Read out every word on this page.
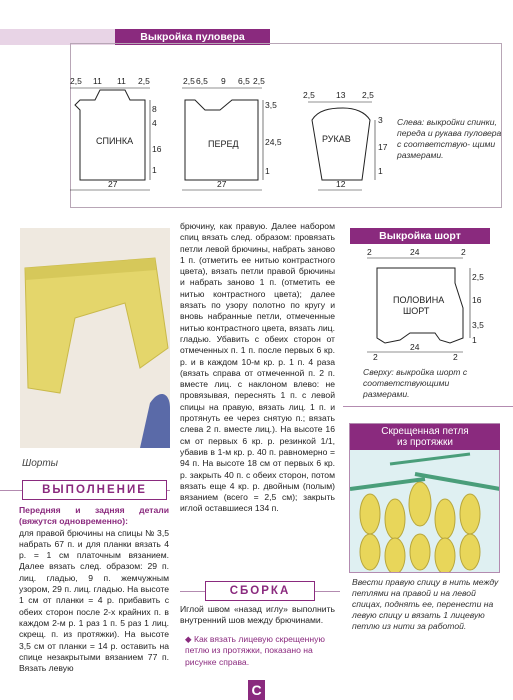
Выкройка пуловера
2,5 11 11 2,5
8
4
16
1
27
СПИНКА
2,5 6,5 9 6,5 2,5
3,5
24,5
1
27
ПЕРЕД
2,5 13 2,5
3
17
1
12
РУКАВ
Слева: выкройки спинки, переда и рукава пуловера с соответствую- щими размерами.
Шорты
ВЫПОЛНЕНИЕ
Передняя и задняя детали (вяжутся одновременно):
для правой брючины на спицы № 3,5 набрать 67 п. и для планки вязать 4 р. = 1 см платочным вязанием. Далее вязать след. образом: 29 п. лиц. гладью, 9 п. жемчужным узором, 29 п. лиц. гладью. На высоте 1 см от планки = 4 р. прибавить с обеих сторон после 2-х крайних п. в каждом 2-м р. 1 раз 1 п. 5 раз 1 лиц. скрещ. п. из протяжки). На высоте 3,5 см от планки = 14 р. оставить на спице незакрытыми вязанием 77 п. Вязать левую
брючину, как правую. Далее набором спиц вязать след. образом: провязать петли левой брючины, набрать заново 1 п. (отметить ее нитью контрастного цвета), вязать петли правой брючины и набрать заново 1 п. (отметить ее нитью контрастного цвета); далее вязать по узору полотно по кругу и вновь набранные петли, отмеченные нитью контрастного цвета, вязать лиц. гладью. Убавить с обеих сторон от отмеченных п. 1 п. после первых 6 кр. р. и в каждом 10-м кр. р. 1 п. 4 раза (вязать справа от отмеченной п. 2 п. вместе лиц. с наклоном влево: не провязывая, переснять 1 п. с левой спицы на правую, вязать лиц. 1 п. и протянуть ее через снятую п.; вязать слева 2 п. вместе лиц.). На высоте 16 см от первых 6 кр. р. резинкой 1/1, убавив в 1-м кр. р. 40 п. равномерно = 94 п. На высоте 18 см от первых 6 кр. р. закрыть 40 п. с обеих сторон, потом вязать еще 4 кр. р. двойным (полым) вязанием (всего = 2,5 см); закрыть иглой оставшиеся 134 п.
СБОРКА
Иглой швом «назад иглу» выполнить внутренний шов между брючинами.
◆ Как вязать лицевую скрещенную петлю из протяжки, показано на рисунке справа.
Выкройка шорт
2	24	2
2,5
16
3,5
1
2
24
2
ПОЛОВИНА
ШОРТ
Сверху: выкройка шорт с соответствующими размерами.
Скрещенная петля
из протяжки
Ввести правую спицу в нить между петлями на правой и на левой спицах, поднять ее, перенести на левую спицу и вязать 1 лицевую петлю из нити за работой.
C
